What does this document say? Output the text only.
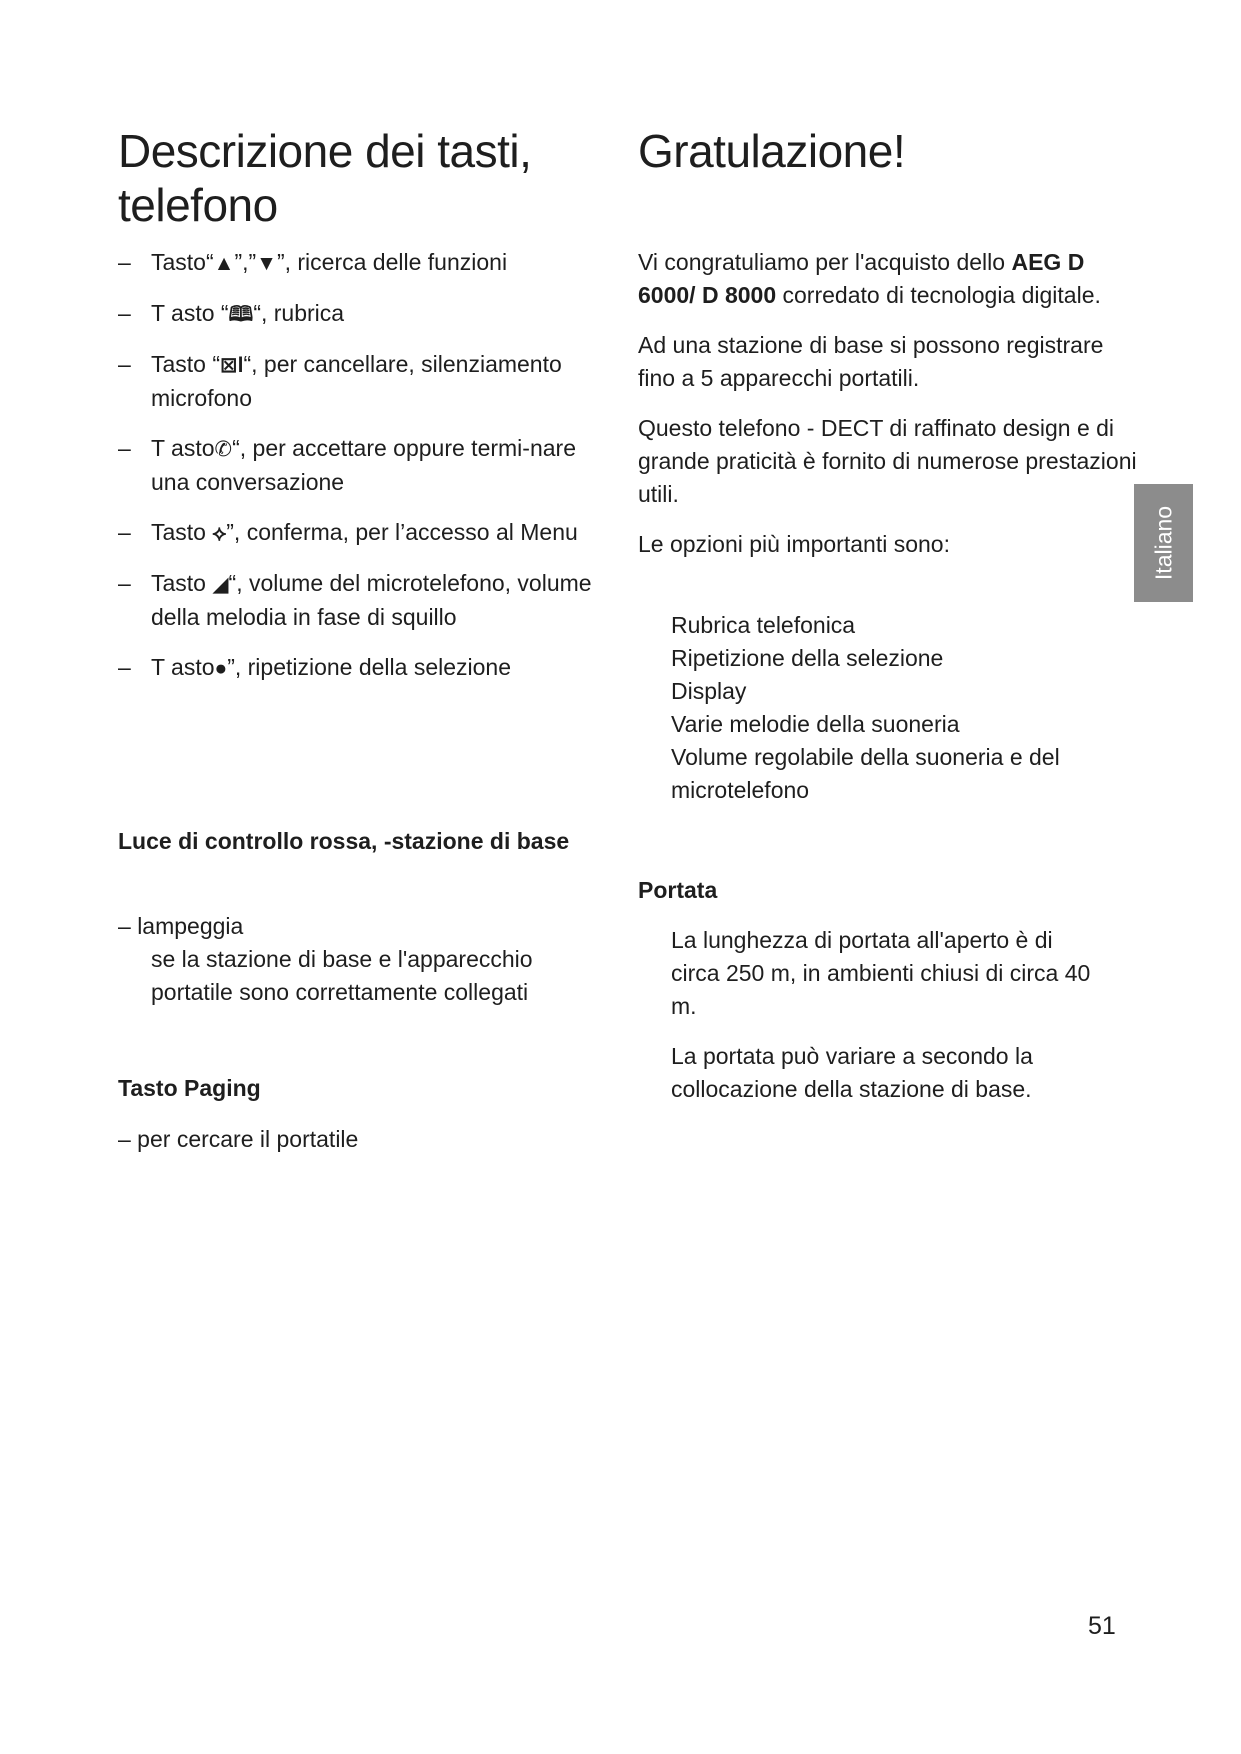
Descrizione dei tasti, telefono
– Tasto“▲”,”▼”, ricerca delle funzioni
– T asto “🕮“, rubrica
– Tasto “⊠l“, per cancellare, silenziamento microfono
– T asto✆“, per accettare oppure termi-nare una conversazione
– Tasto ⟡”, conferma, per l’accesso al Menu
– Tasto ◢“, volume del microtelefono, volume della melodia in fase di squillo
– T asto●”, ripetizione della selezione
Luce di controllo rossa, -stazione di base
– lampeggia
se la stazione di base e l'apparecchio portatile sono correttamente collegati
Tasto Paging
– per cercare il portatile
Gratulazione!

Vi congratuliamo per l'acquisto dello AEG D 6000/ D 8000 corredato di tecnologia digitale.

Ad una stazione di base si possono registrare fino a 5 apparecchi portatili.

Questo telefono - DECT di raffinato design e di grande praticità è fornito di numerose prestazioni utili.

Le opzioni più importanti sono:

Rubrica telefonica
Ripetizione della selezione
Display
Varie melodie della suoneria
Volume regolabile della suoneria e del microtelefono
Portata

La lunghezza di portata all'aperto è di circa 250 m, in ambienti chiusi di circa 40 m.

La portata può variare a secondo la collocazione della stazione di base.

Italiano
51
